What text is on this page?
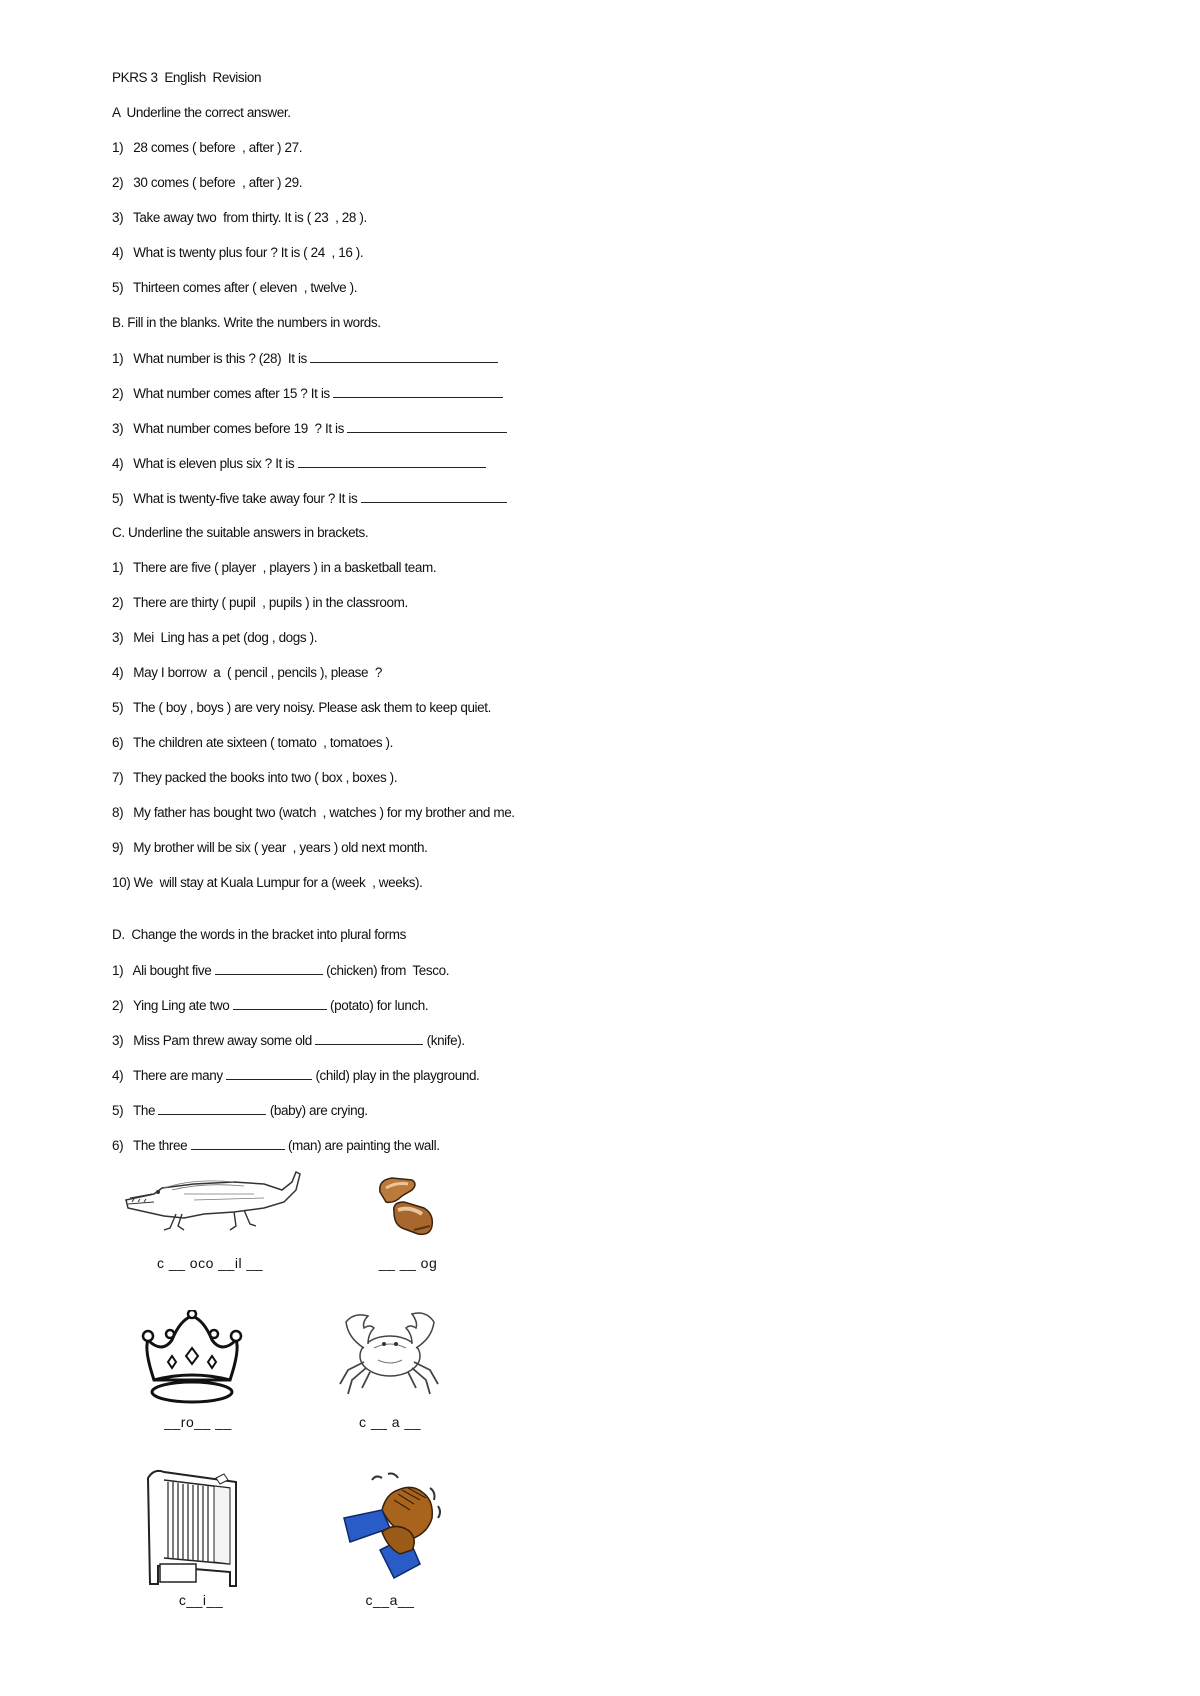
PKRS 3  English  Revision
A  Underline the correct answer.
1) 28 comes ( before  , after ) 27.
2) 30 comes ( before  , after ) 29.
3) Take away two  from thirty. It is ( 23  , 28 ).
4) What is twenty plus four ? It is ( 24  , 16 ).
5) Thirteen comes after ( eleven  , twelve ).
B. Fill in the blanks. Write the numbers in words.
1) What number is this ? (28)  It is
2) What number comes after 15 ? It is
3) What number comes before 19  ? It is
4) What is eleven plus six ? It is
5) What is twenty-five take away four ? It is
C. Underline the suitable answers in brackets.
1) There are five ( player  , players ) in a basketball team.
2) There are thirty ( pupil  , pupils ) in the classroom.
3) Mei  Ling has a pet (dog , dogs ).
4) May I borrow  a  ( pencil , pencils ), please  ?
5) The ( boy , boys ) are very noisy. Please ask them to keep quiet.
6) The children ate sixteen ( tomato  , tomatoes ).
7) They packed the books into two ( box , boxes ).
8) My father has bought two (watch  , watches ) for my brother and me.
9) My brother will be six ( year  , years ) old next month.
10) We  will stay at Kuala Lumpur for a (week  , weeks).
D.  Change the words in the bracket into plural forms
1) Ali bought five	(chicken) from  Tesco.
2) Ying Ling ate two	(potato) for lunch.
3) Miss Pam threw away some old	(knife).
4) There are many	(child) play in the playground.
5) The	(baby) are crying.
6) The three	(man) are painting the wall.
c __ oco __il __	__ __ og
__ro__ __	c __ a __
c__i__	c__a__
